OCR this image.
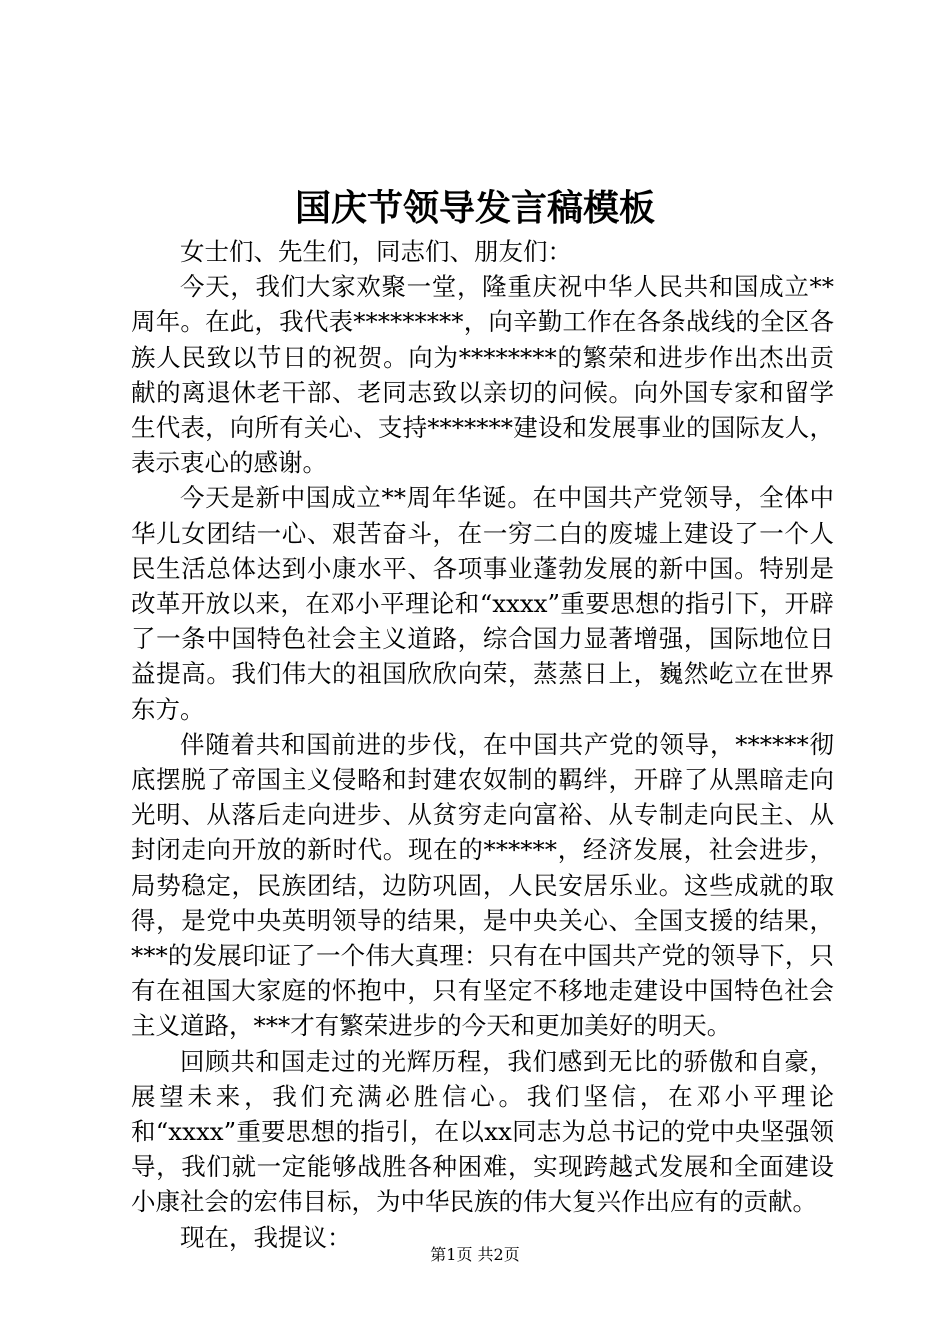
国庆节领导发言稿模板

女士们、先生们，同志们、朋友们：

今天，我们大家欢聚一堂，隆重庆祝中华人民共和国成立**周年。在此，我代表*********，向辛勤工作在各条战线的全区各族人民致以节日的祝贺。向为********的繁荣和进步作出杰出贡献的离退休老干部、老同志致以亲切的问候。向外国专家和留学生代表，向所有关心、支持*******建设和发展事业的国际友人，表示衷心的感谢。

今天是新中国成立**周年华诞。在中国共产党领导，全体中华儿女团结一心、艰苦奋斗，在一穷二白的废墟上建设了一个人民生活总体达到小康水平、各项事业蓬勃发展的新中国。特别是改革开放以来，在邓小平理论和“xxxx”重要思想的指引下，开辟了一条中国特色社会主义道路，综合国力显著增强，国际地位日益提高。我们伟大的祖国欣欣向荣，蒸蒸日上，巍然屹立在世界东方。

伴随着共和国前进的步伐，在中国共产党的领导，******彻底摆脱了帝国主义侵略和封建农奴制的羁绊，开辟了从黑暗走向光明、从落后走向进步、从贫穷走向富裕、从专制走向民主、从封闭走向开放的新时代。现在的******，经济发展，社会进步，局势稳定，民族团结，边防巩固，人民安居乐业。这些成就的取得，是党中央英明领导的结果，是中央关心、全国支援的结果，***的发展印证了一个伟大真理：只有在中国共产党的领导下，只有在祖国大家庭的怀抱中，只有坚定不移地走建设中国特色社会主义道路，***才有繁荣进步的今天和更加美好的明天。

回顾共和国走过的光辉历程，我们感到无比的骄傲和自豪，展望未来，我们充满必胜信心。我们坚信，在邓小平理论和“xxxx”重要思想的指引，在以xx同志为总书记的党中央坚强领导，我们就一定能够战胜各种困难，实现跨越式发展和全面建设小康社会的宏伟目标，为中华民族的伟大复兴作出应有的贡献。

现在，我提议：

第1页 共2页
